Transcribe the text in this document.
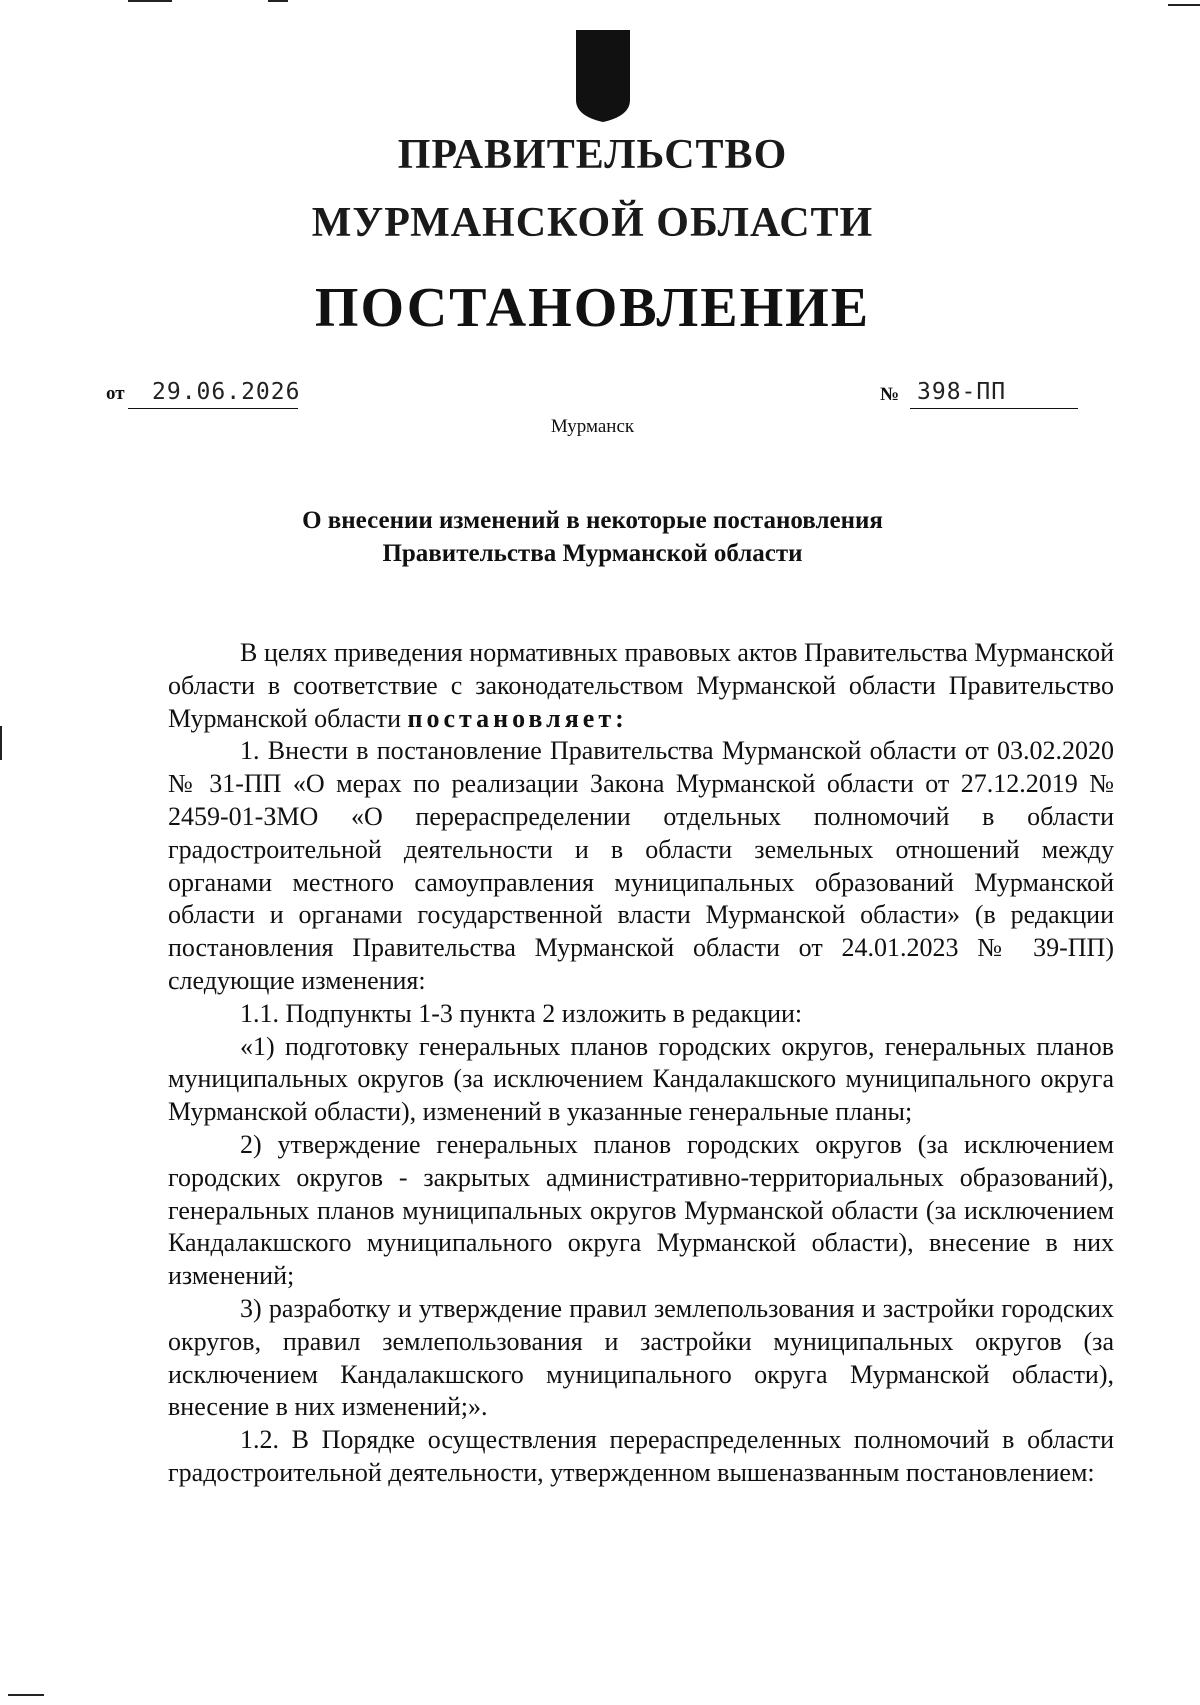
ПРАВИТЕЛЬСТВО
МУРМАНСКОЙ ОБЛАСТИ
ПОСТАНОВЛЕНИЕ
от 29.06.2026	№ 398-ПП
Мурманск
О внесении изменений в некоторые постановления
Правительства Мурманской области

В целях приведения нормативных правовых актов Правительства Мурманской области в соответствие с законодательством Мурманской области Правительство Мурманской области постановляет:

1. Внести в постановление Правительства Мурманской области от 03.02.2020 № 31-ПП «О мерах по реализации Закона Мурманской области от 27.12.2019 № 2459-01-ЗМО «О перераспределении отдельных полномочий в области градостроительной деятельности и в области земельных отношений между органами местного самоуправления муниципальных образований Мурманской области и органами государственной власти Мурманской области» (в редакции постановления Правительства Мурманской области от 24.01.2023 № 39-ПП) следующие изменения:

1.1. Подпункты 1-3 пункта 2 изложить в редакции:

«1) подготовку генеральных планов городских округов, генеральных планов муниципальных округов (за исключением Кандалакшского муниципального округа Мурманской области), изменений в указанные генеральные планы;

2) утверждение генеральных планов городских округов (за исключением городских округов - закрытых административно-территориальных образований), генеральных планов муниципальных округов Мурманской области (за исключением Кандалакшского муниципального округа Мурманской области), внесение в них изменений;

3) разработку и утверждение правил землепользования и застройки городских округов, правил землепользования и застройки муниципальных округов (за исключением Кандалакшского муниципального округа Мурманской области), внесение в них изменений;».

1.2. В Порядке осуществления перераспределенных полномочий в области градостроительной деятельности, утвержденном вышеназванным постановлением:
